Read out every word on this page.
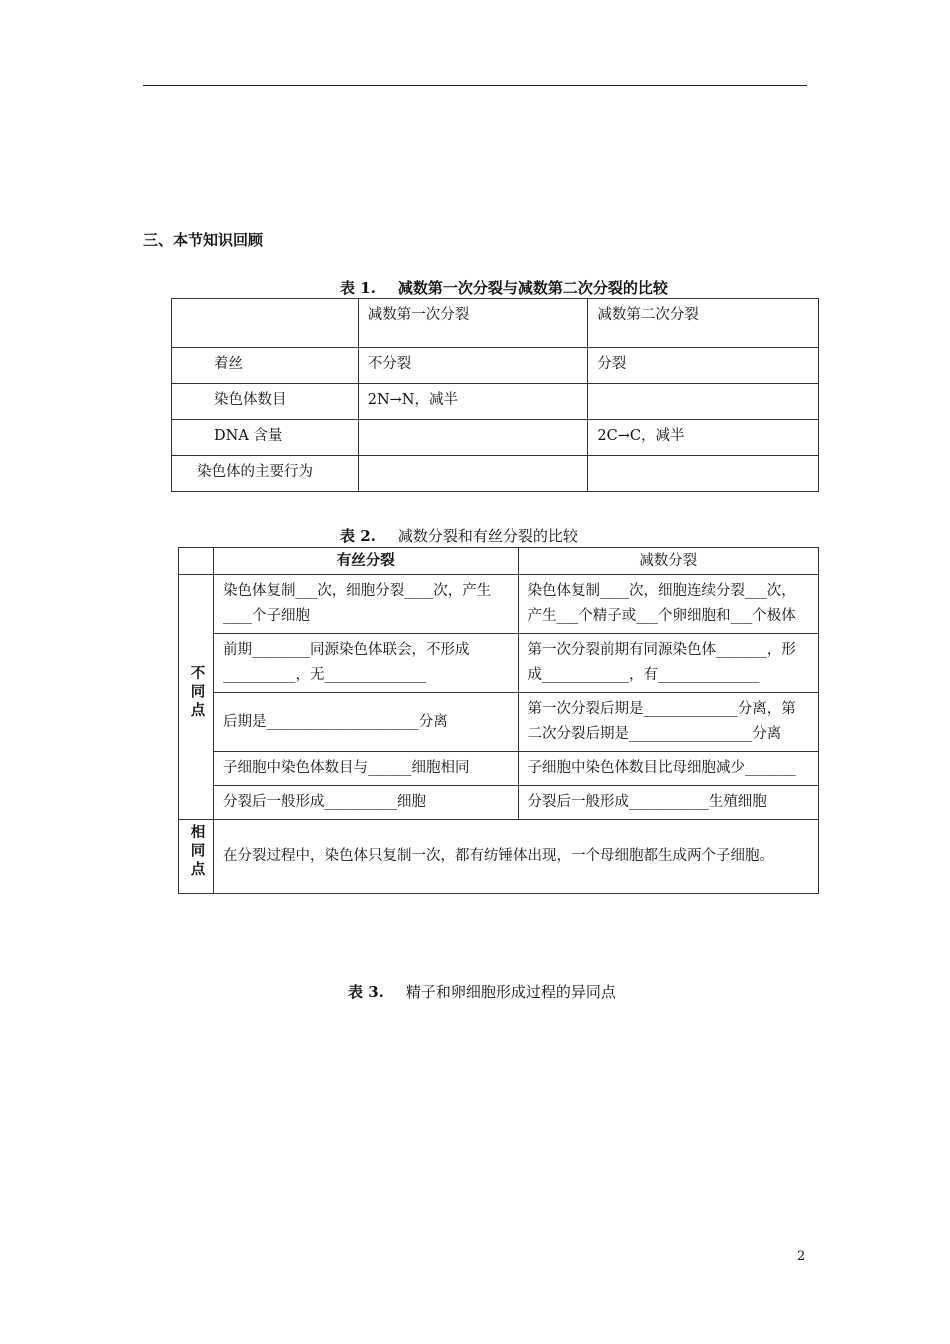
三、本节知识回顾
表 1. 减数第一次分裂与减数第二次分裂的比较
	减数第一次分裂	减数第二次分裂
着丝	不分裂	分裂
染色体数目	2N→N，减半	
DNA 含量		2C→C，减半
染色体的主要行为		
表 2. 减数分裂和有丝分裂的比较
	有丝分裂	减数分裂
不同点	染色体复制___次，细胞分裂____次，产生____个子细胞	染色体复制____次，细胞连续分裂___次，产生___个精子或___个卵细胞和___个极体
	前期________同源染色体联会，不形成__________，无______________	第一次分裂前期有同源染色体_______，形成____________，有______________
	后期是_____________________分离	第一次分裂后期是_____________分离，第二次分裂后期是_________________分离
	子细胞中染色体数目与______细胞相同	子细胞中染色体数目比母细胞减少_______
	分裂后一般形成__________细胞	分裂后一般形成___________生殖细胞
相同点	在分裂过程中，染色体只复制一次，都有纺锤体出现，一个母细胞都生成两个子细胞。	
表 3. 精子和卵细胞形成过程的异同点
2
